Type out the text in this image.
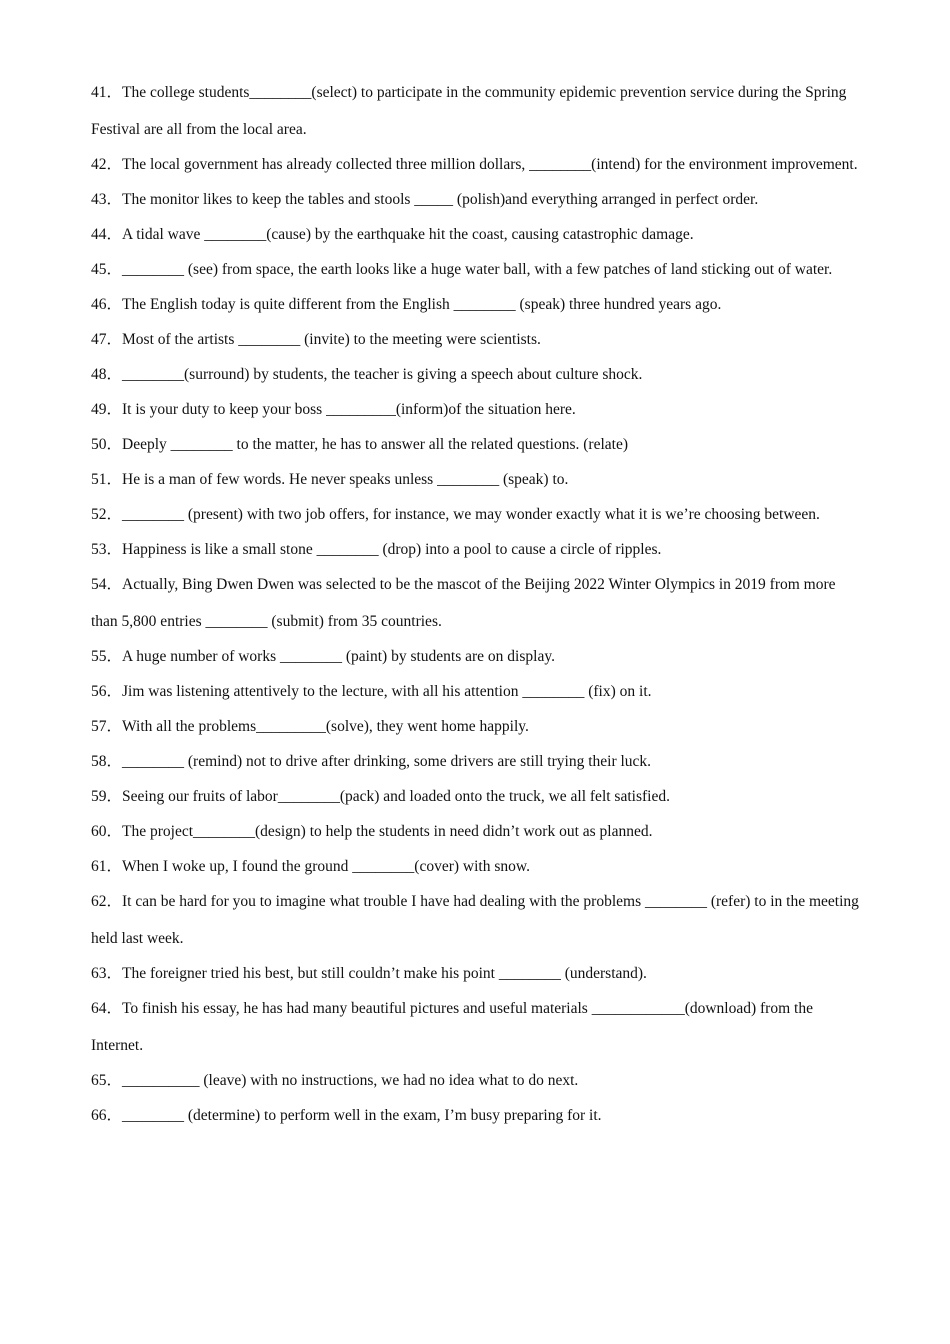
41．The college students________(select) to participate in the community epidemic prevention service during the Spring Festival are all from the local area.
42．The local government has already collected three million dollars, ________(intend) for the environment improvement.
43．The monitor likes to keep the tables and stools _____ (polish)and everything arranged in perfect order.
44．A tidal wave ________(cause) by the earthquake hit the coast, causing catastrophic damage.
45．________ (see) from space, the earth looks like a huge water ball, with a few patches of land sticking out of water.
46．The English today is quite different from the English ________ (speak) three hundred years ago.
47．Most of the artists ________ (invite) to the meeting were scientists.
48．________(surround) by students, the teacher is giving a speech about culture shock.
49．It is your duty to keep your boss _________(inform)of the situation here.
50．Deeply ________ to the matter, he has to answer all the related questions. (relate)
51．He is a man of few words. He never speaks unless ________ (speak) to.
52．________ (present) with two job offers, for instance, we may wonder exactly what it is we’re choosing between.
53．Happiness is like a small stone ________ (drop) into a pool to cause a circle of ripples.
54．Actually, Bing Dwen Dwen was selected to be the mascot of the Beijing 2022 Winter Olympics in 2019 from more than 5,800 entries ________ (submit) from 35 countries.
55．A huge number of works ________ (paint) by students are on display.
56．Jim was listening attentively to the lecture, with all his attention ________ (fix) on it.
57．With all the problems_________(solve), they went home happily.
58．________ (remind) not to drive after drinking, some drivers are still trying their luck.
59．Seeing our fruits of labor________(pack) and loaded onto the truck, we all felt satisfied.
60．The project________(design) to help the students in need didn’t work out as planned.
61．When I woke up, I found the ground ________(cover) with snow.
62．It can be hard for you to imagine what trouble I have had dealing with the problems ________ (refer) to in the meeting held last week.
63．The foreigner tried his best, but still couldn’t make his point ________ (understand).
64．To finish his essay, he has had many beautiful pictures and useful materials ____________(download) from the Internet.
65．__________ (leave) with no instructions, we had no idea what to do next.
66．________ (determine) to perform well in the exam, I’m busy preparing for it.
